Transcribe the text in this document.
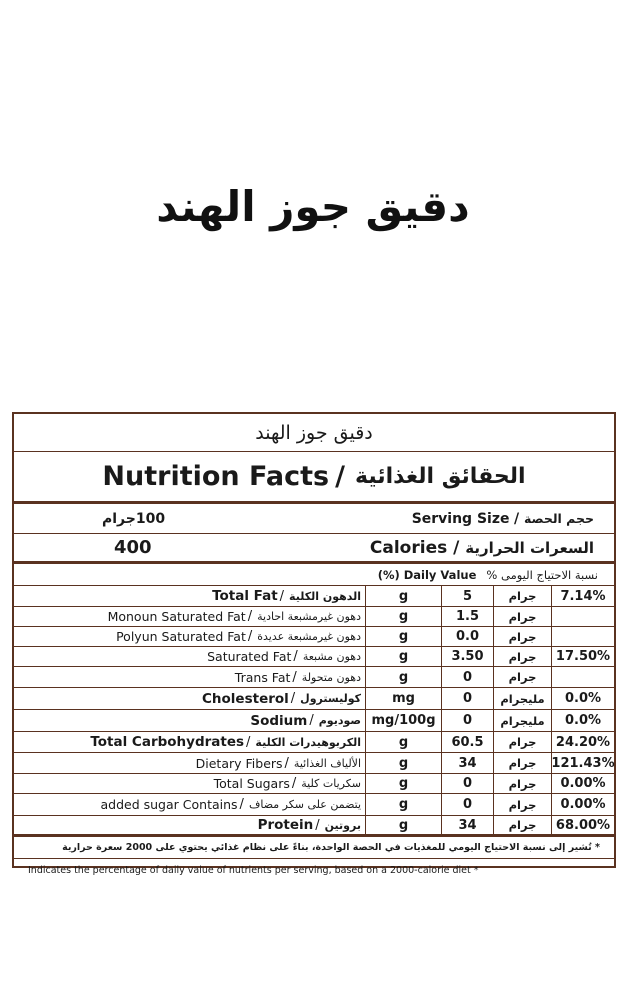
دقيق جوز الهند
دقيق جوز الهند
Nutrition Facts / الحقائق الغذائية
100جرام	Serving Size / حجم الحصة
400	Calories / السعرات الحرارية
(%) Daily Value % نسبة الاحتياج اليومى
Total Fat / الدهون الكلية	g	5	جرام	7.14%
Monoun Saturated Fat / دهون غيرمشبعة احادية	g	1.5	جرام
Polyun Saturated Fat / دهون غيرمشبعة عديدة	g	0.0	جرام
Saturated Fat / دهون مشبعة	g	3.50	جرام	17.50%
Trans Fat / دهون متحولة	g	0	جرام
Cholesterol / كوليسترول	mg	0	مليجرام	0.0%
Sodium / صوديوم mg/100g	0	مليجرام	0.0%
Total Carbohydrates / الكربوهيدرات الكلية	g	60.5	جرام	24.20%
Dietary Fibers / الألياف الغذائية	g	34	جرام	121.43%
Total Sugars / سكريات كلية	g	0	جرام	0.00%
added sugar Contains / يتضمن على سكر مضاف	g	0	جرام	0.00%
Protein / بروتين	g	34	جرام	68.00%
* تُشير إلى نسبة الاحتياج اليومي للمغذيات في الحصة الواحدة، بناءً على نظام غذائي يحتوي على 2000 سعرة حرارية
Indicates the percentage of daily value of nutrients per serving, based on a 2000-calorie diet *
